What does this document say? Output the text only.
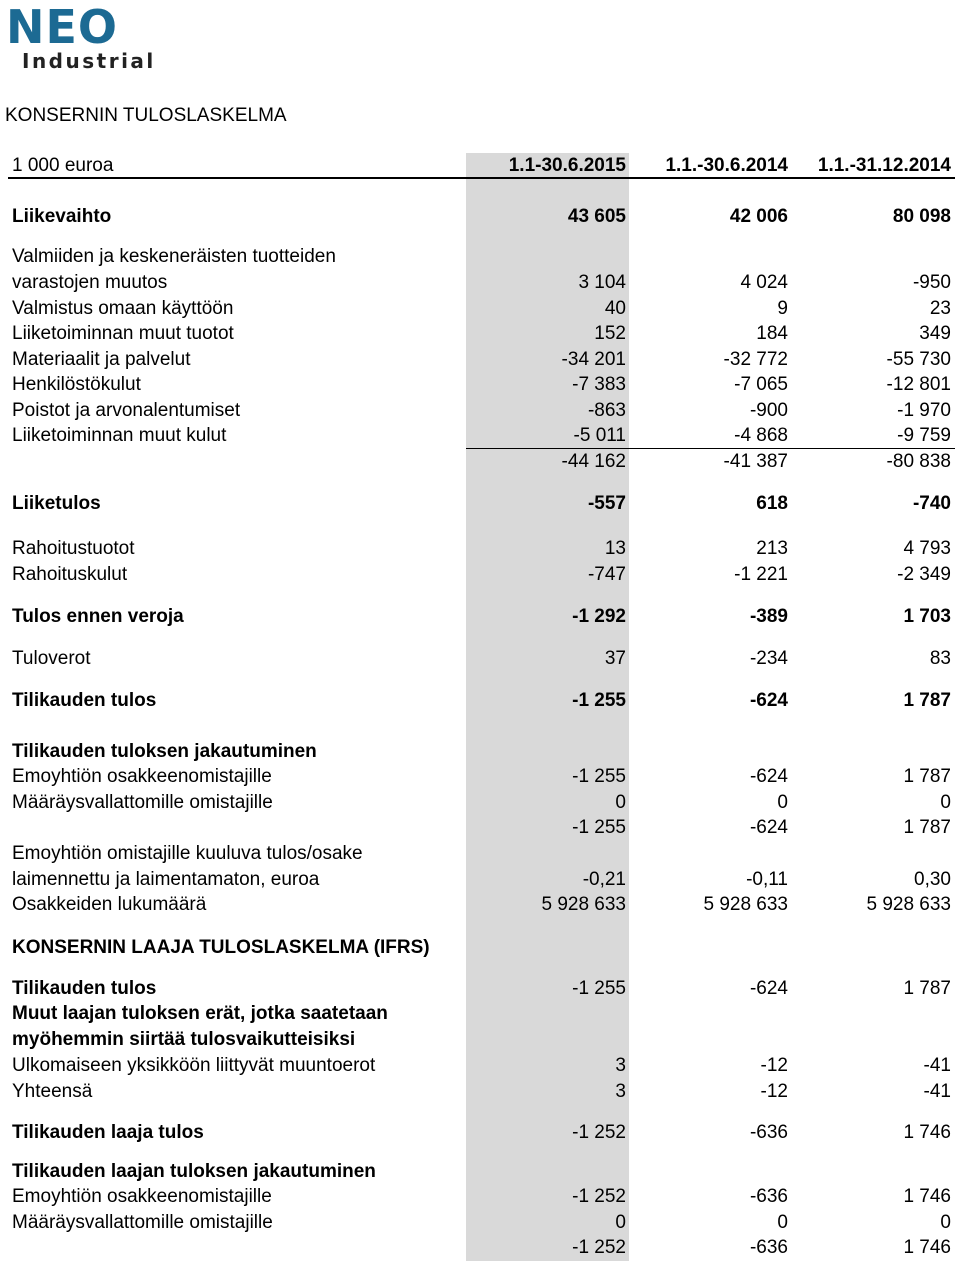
NEO
Industrial
KONSERNIN TULOSLASKELMA
1 000 euroa	1.1-30.6.2015 1.1.-30.6.2014 1.1.-31.12.2014
Liikevaihto	43 605	42 006	80 098
Valmiiden ja keskeneräisten tuotteiden
varastojen muutos	3 104	4 024	-950
Valmistus omaan käyttöön	40	9	23
Liiketoiminnan muut tuotot	152	184	349
Materiaalit ja palvelut	-34 201	-32 772	-55 730
Henkilöstökulut	-7 383	-7 065	-12 801
Poistot ja arvonalentumiset	-863	-900	-1 970
Liiketoiminnan muut kulut	-5 011	-4 868	-9 759
-44 162	-41 387	-80 838
Liiketulos	-557	618	-740
Rahoitustuotot	13	213	4 793
Rahoituskulut	-747	-1 221	-2 349
Tulos ennen veroja	-1 292	-389	1 703
Tuloverot	37	-234	83
Tilikauden tulos	-1 255	-624	1 787
Tilikauden tuloksen jakautuminen
Emoyhtiön osakkeenomistajille	-1 255	-624	1 787
Määräysvallattomille omistajille	0	0	0
-1 255	-624	1 787
Emoyhtiön omistajille kuuluva tulos/osake
laimennettu ja laimentamaton, euroa	-0,21	-0,11	0,30
Osakkeiden lukumäärä	5 928 633	5 928 633	5 928 633
KONSERNIN LAAJA TULOSLASKELMA (IFRS)
Tilikauden tulos	-1 255	-624	1 787
Muut laajan tuloksen erät, jotka saatetaan
myöhemmin siirtää tulosvaikutteisiksi
Ulkomaiseen yksikköön liittyvät muuntoerot	3	-12	-41
Yhteensä	3	-12	-41
Tilikauden laaja tulos	-1 252	-636	1 746
Tilikauden laajan tuloksen jakautuminen
Emoyhtiön osakkeenomistajille	-1 252	-636	1 746
Määräysvallattomille omistajille	0	0	0
-1 252	-636	1 746
